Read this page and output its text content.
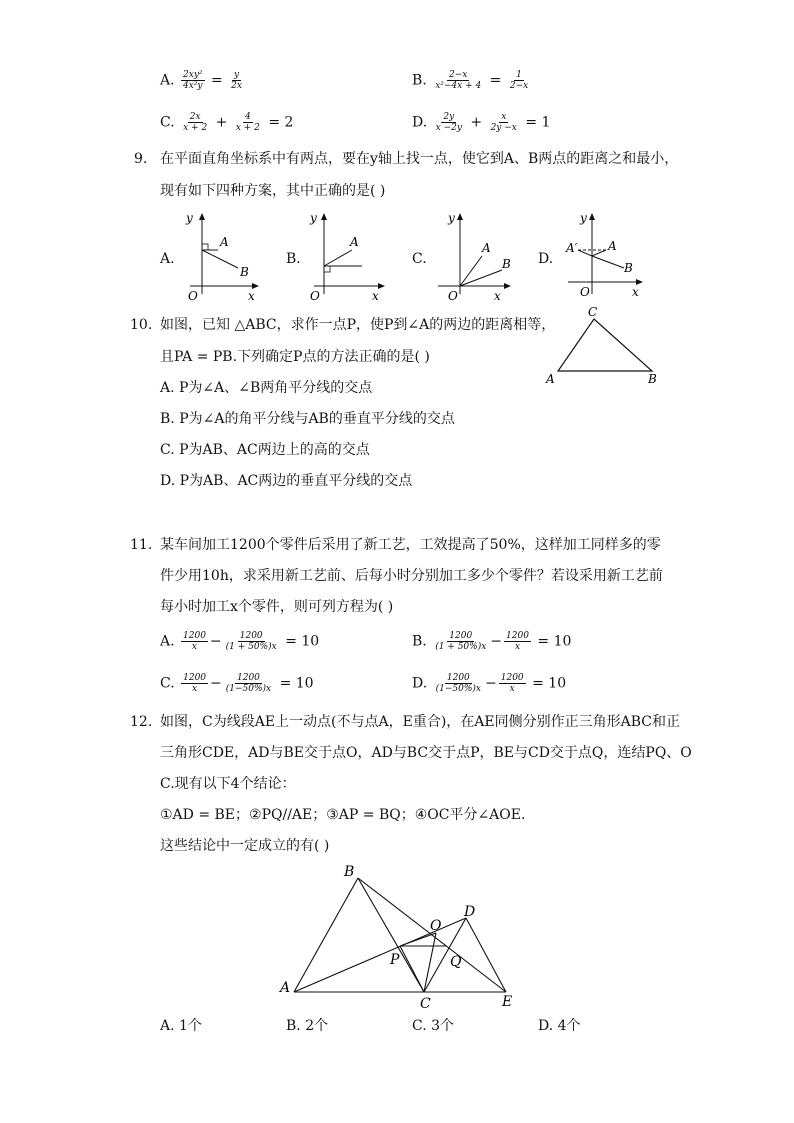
A. $\frac{\text{2xy²}}{\text{4x²y}} = \frac{y}{2x}$	B. $\frac{2-x}{\text{x²−4x + 4}} = \frac{1}{2-x}$
C. $\frac{2x}{x + 2} + \frac{4}{x + 2} = 2$	D. $\frac{2y}{x -2y} + \frac{x}{2y -x} = 1$
9. 在平面直角坐标系中有两点，要在y轴上找一点，使它到A、B两点的距离之和最小，
现有如下四种方案，其中正确的是( )
A.	B.	C.	D.
y
O	x
A
B
y
O	x
A
y
O	x
A
B
y
O	x
A′	A
B
10. 如图，已知 △ABC，求作一点P，使P到∠A的两边的距离相等，
且PA = PB.下列确定P点的方法正确的是( )
A. P为∠A、∠B两角平分线的交点
B. P为∠A的角平分线与AB的垂直平分线的交点
C. P为AB、AC两边上的高的交点
D. P为AB、AC两边的垂直平分线的交点
C
A	B
11. 某车间加工1200个零件后采用了新工艺，工效提高了50%，这样加工同样多的零
件少用10h，求采用新工艺前、后每小时分别加工多少个零件？若设采用新工艺前
每小时加工x个零件，则可列方程为( )
A. $\frac{1200}{x} - \frac{1200}{(1 + 50\%)x} = 10$	B. $\frac{1200}{(1 + 50\%)x} - \frac{1200}{x} = 10$
C. $\frac{1200}{x} - \frac{1200}{(1-50\%)x} = 10$	D. $\frac{1200}{(1-50\%)x} - \frac{1200}{x} = 10$
12. 如图，C为线段AE上一动点(不与点A，E重合)，在AE同侧分别作正三角形ABC和正
三角形CDE，AD与BE交于点O，AD与BC交于点P，BE与CD交于点Q，连结PQ、O
C.现有以下4个结论：
①AD = BE；②PQ//AE；③AP = BQ；④OC平分∠AOE.
这些结论中一定成立的有( )
B
A
C	E
D
O
P	Q
A. 1个	B. 2个	C. 3个	D. 4个
